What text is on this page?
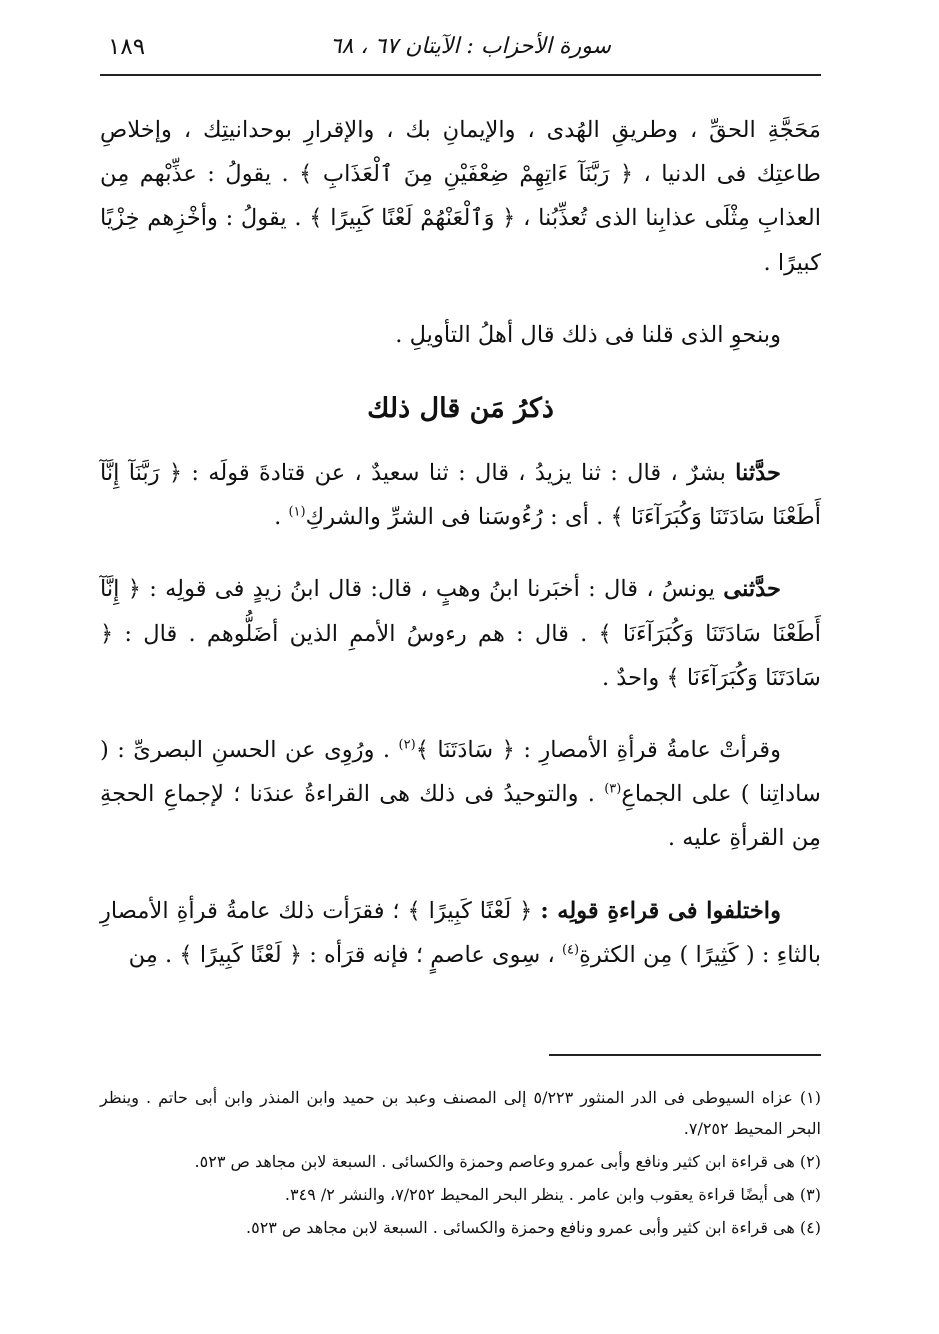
١٨٩	سورة الأحزاب : الآيتان ٦٧ ، ٦٨

مَحَجَّةِ الحقِّ ، وطريقِ الهُدى ، والإيمانِ بك ، والإقرارِ بوحدانيتِك ، وإخلاصِ طاعتِك فى الدنيا ، ﴿ رَبَّنَآ ءَاتِهِمْ ضِعْفَيْنِ مِنَ ٱلْعَذَابِ ﴾ . يقولُ : عذِّبْهم مِن العذابِ مِثْلَى عذابِنا الذى تُعذِّبُنا ، ﴿ وَٱلْعَنْهُمْ لَعْنًا كَبِيرًا ﴾ . يقولُ : وأخْزِهم خِزْيًا كبيرًا .

وبنحوِ الذى قلنا فى ذلك قال أهلُ التأويلِ .

ذكرُ مَن قال ذلك

حدَّثنا بشرٌ ، قال : ثنا يزيدُ ، قال : ثنا سعيدٌ ، عن قتادةَ قولَه : ﴿ رَبَّنَآ إِنَّآ أَطَعْنَا سَادَتَنَا وَكُبَرَآءَنَا ﴾ . أى : رُءُوسَنا فى الشرِّ والشركِ$^{(١)}$ .

حدَّثنى يونسُ ، قال : أخبَرنا ابنُ وهبٍ ، قال: قال ابنُ زيدٍ فى قولِه : ﴿ إِنَّآ أَطَعْنَا سَادَتَنَا وَكُبَرَآءَنَا ﴾ . قال : هم رءوسُ الأممِ الذين أضَلُّوهم . قال : ﴿ سَادَتَنَا وَكُبَرَآءَنَا ﴾ واحدٌ .

وقرأتْ عامةُ قرأةِ الأمصارِ : ﴿ سَادَتَنَا ﴾$^{(٢)}$ . ورُوِى عن الحسنِ البصرىِّ : ( ساداتِنا ) على الجماعِ$^{(٣)}$ . والتوحيدُ فى ذلك هى القراءةُ عندَنا ؛ لإجماعِ الحجةِ مِن القرأةِ عليه .

واختلفوا فى قراءةِ قولِه : ﴿ لَعْنًا كَبِيرًا ﴾ ؛ فقرَأت ذلك عامةُ قرأةِ الأمصارِ بالثاءِ : ( كَثِيرًا ) مِن الكثرةِ$^{(٤)}$ ، سِوى عاصمٍ ؛ فإنه قرَأه : ﴿ لَعْنًا كَبِيرًا ﴾ . مِن

(١) عزاه السيوطى فى الدر المنثور ٥/٢٢٣ إلى المصنف وعبد بن حميد وابن المنذر وابن أبى حاتم . وينظر البحر المحيط ٧/٢٥٢.

(٢) هى قراءة ابن كثير ونافع وأبى عمرو وعاصم وحمزة والكسائى . السبعة لابن مجاهد ص ٥٢٣.

(٣) هى أيضًا قراءة يعقوب وابن عامر . ينظر البحر المحيط ٧/٢٥٢، والنشر ٢/ ٣٤٩.

(٤) هى قراءة ابن كثير وأبى عمرو ونافع وحمزة والكسائى . السبعة لابن مجاهد ص ٥٢٣.
